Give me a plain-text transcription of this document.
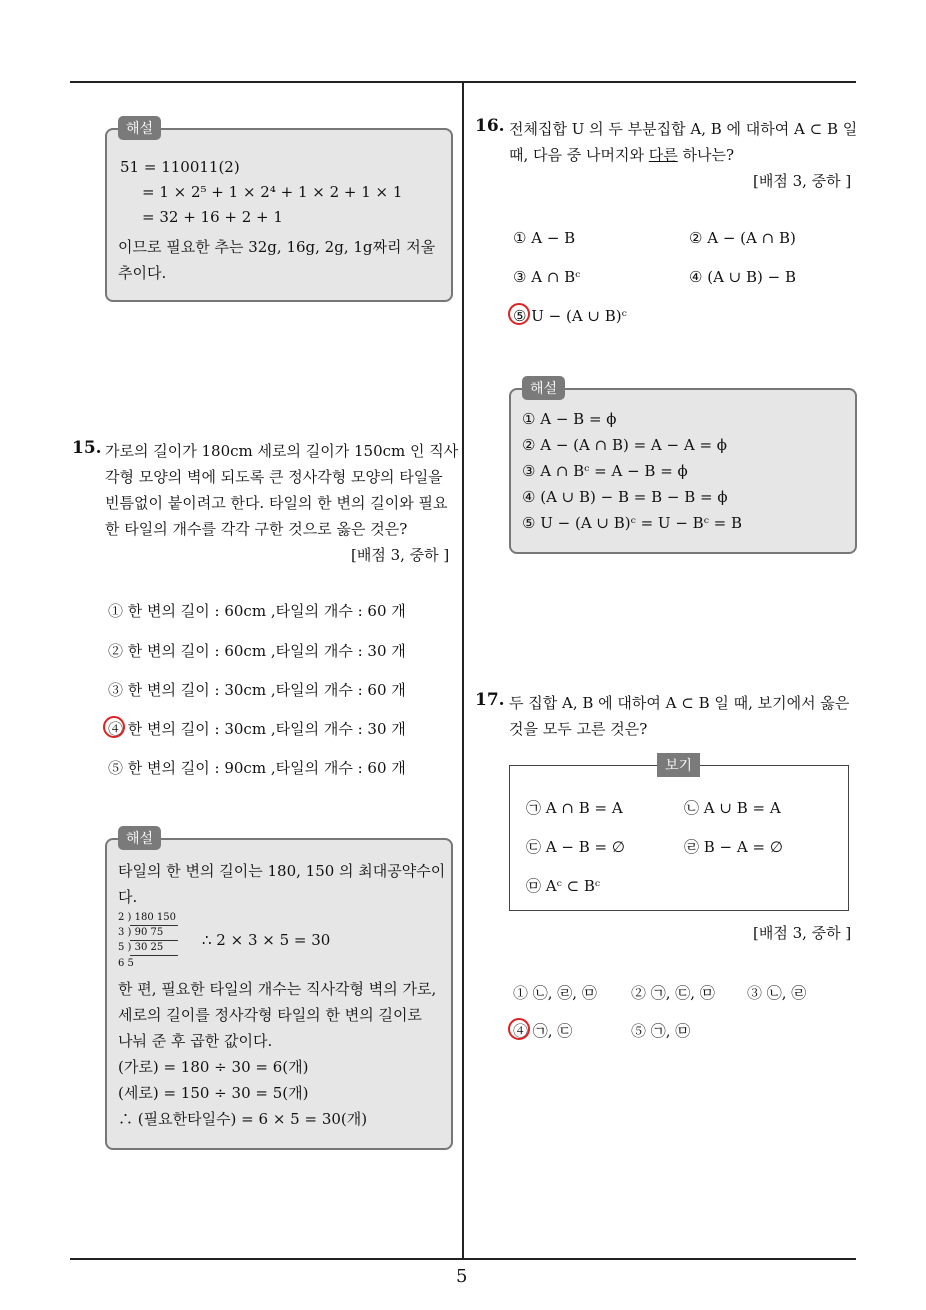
5
해설
51 = 110011(2)
= 1 × 2⁵ + 1 × 2⁴ + 1 × 2 + 1 × 1
= 32 + 16 + 2 + 1
이므로 필요한 추는 32g, 16g, 2g, 1g짜리 저울
추이다.
15. 가로의 길이가 180cm 세로의 길이가 150cm 인 직사
각형 모양의 벽에 되도록 큰 정사각형 모양의 타일을
빈틈없이 붙이려고 한다. 타일의 한 변의 길이와 필요
한 타일의 개수를 각각 구한 것으로 옳은 것은?
[배점 3, 중하 ]
① 한 변의 길이 : 60cm ,타일의 개수 : 60 개
② 한 변의 길이 : 60cm ,타일의 개수 : 30 개
③ 한 변의 길이 : 30cm ,타일의 개수 : 60 개
④ 한 변의 길이 : 30cm ,타일의 개수 : 30 개
⑤ 한 변의 길이 : 90cm ,타일의 개수 : 60 개
해설
타일의 한 변의 길이는 180, 150 의 최대공약수이
다.
2 ) 180 150
3 ) 90 75
5 ) 30 25
6 5
∴ 2 × 3 × 5 = 30
한 편, 필요한 타일의 개수는 직사각형 벽의 가로,
세로의 길이를 정사각형 타일의 한 변의 길이로
나눠 준 후 곱한 값이다.
(가로) = 180 ÷ 30 = 6(개)
(세로) = 150 ÷ 30 = 5(개)
∴ (필요한타일수) = 6 × 5 = 30(개)
16. 전체집합 U 의 두 부분집합 A, B 에 대하여 A ⊂ B 일
때, 다음 중 나머지와 다른 하나는?
[배점 3, 중하 ]
① A − B	② A − (A ∩ B)
③ A ∩ Bᶜ	④ (A ∪ B) − B
⑤ U − (A ∪ B)ᶜ
해설
① A − B = ϕ
② A − (A ∩ B) = A − A = ϕ
③ A ∩ Bᶜ = A − B = ϕ
④ (A ∪ B) − B = B − B = ϕ
⑤ U − (A ∪ B)ᶜ = U − Bᶜ = B
17. 두 집합 A, B 에 대하여 A ⊂ B 일 때, 보기에서 옳은
것을 모두 고른 것은?
보기
㉠ A ∩ B = A	㉡ A ∪ B = A
㉢ A − B = ∅	㉣ B − A = ∅
㉤ Aᶜ ⊂ Bᶜ
[배점 3, 중하 ]
① ㉡, ㉣, ㉤ ② ㉠, ㉢, ㉤ ③ ㉡, ㉣
④ ㉠, ㉢	⑤ ㉠, ㉤
